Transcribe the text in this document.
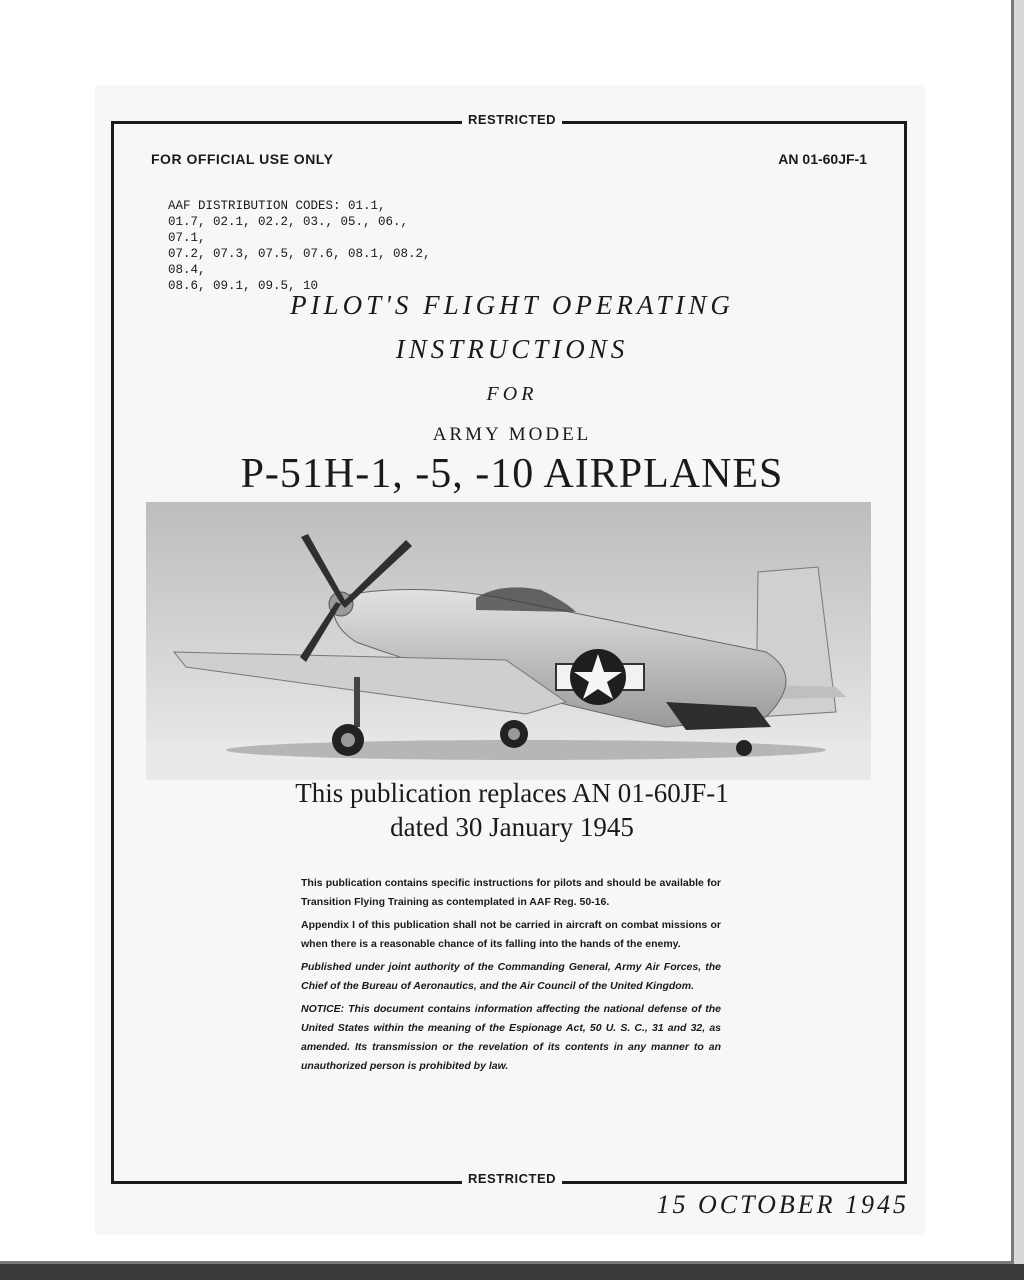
RESTRICTED
FOR OFFICIAL USE ONLY	AN 01-60JF-1
AAF DISTRIBUTION CODES: 01.1,
01.7, 02.1, 02.2, 03., 05., 06., 07.1,
07.2, 07.3, 07.5, 07.6, 08.1, 08.2, 08.4,
08.6, 09.1, 09.5, 10
PILOT'S FLIGHT OPERATING
INSTRUCTIONS
FOR
ARMY MODEL
P-51H-1, -5, -10 AIRPLANES
This publication replaces AN 01-60JF-1
dated 30 January 1945

This publication contains specific instructions for pilots and should be available for Transition Flying Training as contemplated in AAF Reg. 50-16.

Appendix I of this publication shall not be carried in aircraft on combat missions or when there is a reasonable chance of its falling into the hands of the enemy.

Published under joint authority of the Commanding General, Army Air Forces, the Chief of the Bureau of Aeronautics, and the Air Council of the United Kingdom.

NOTICE: This document contains information affecting the national defense of the United States within the meaning of the Espionage Act, 50 U. S. C., 31 and 32, as amended. Its transmission or the revelation of its contents in any manner to an unauthorized person is prohibited by law.

RESTRICTED
15 OCTOBER 1945
